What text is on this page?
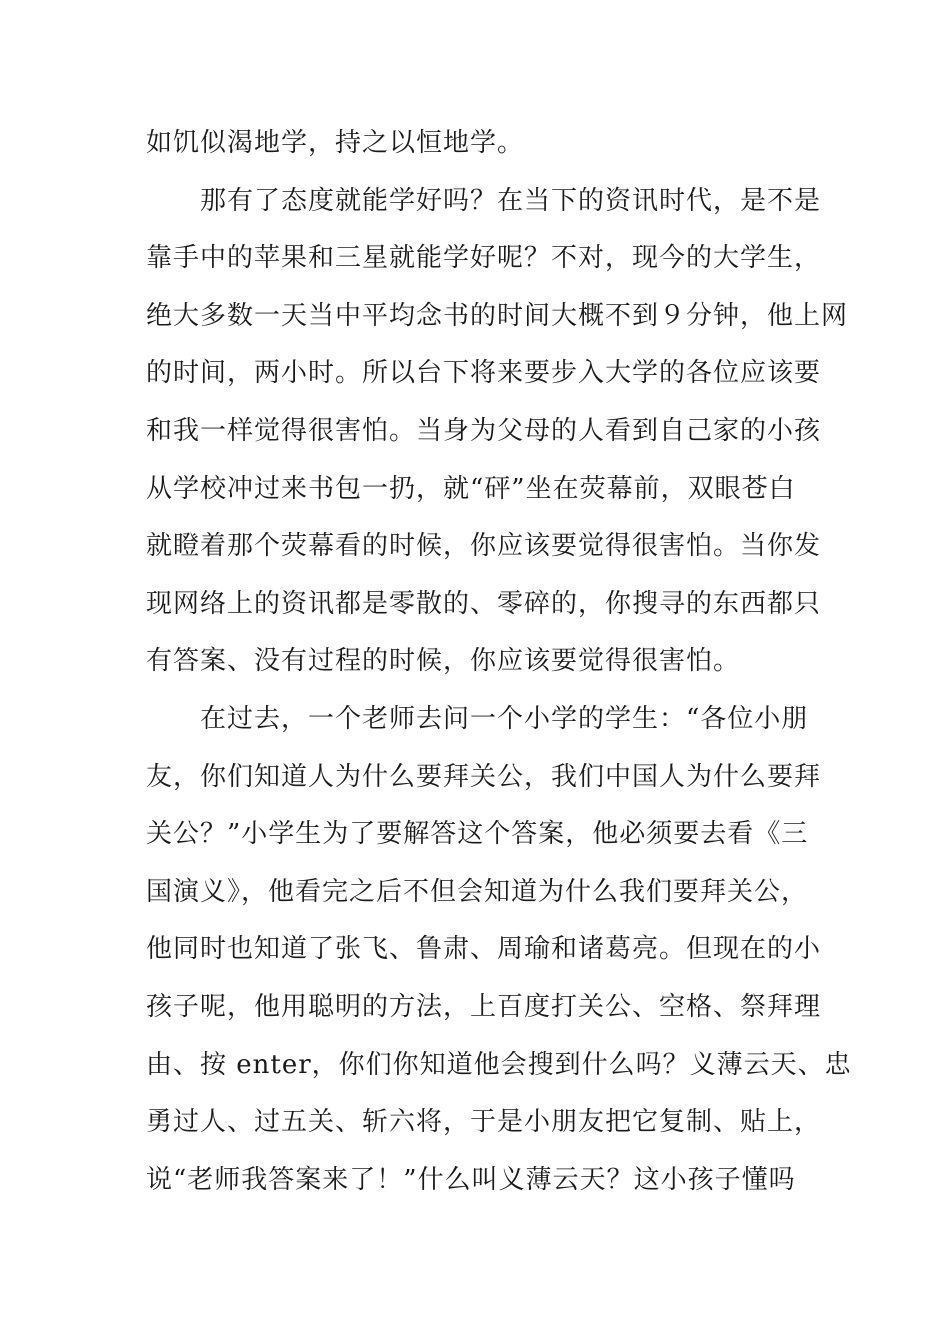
如饥似渴地学，持之以恒地学。
那有了态度就能学好吗？在当下的资讯时代，是不是
靠手中的苹果和三星就能学好呢？不对，现今的大学生，
绝大多数一天当中平均念书的时间大概不到９分钟，他上网
的时间，两小时。所以台下将来要步入大学的各位应该要
和我一样觉得很害怕。当身为父母的人看到自己家的小孩
从学校冲过来书包一扔，就“砰”坐在荧幕前，双眼苍白
就瞪着那个荧幕看的时候，你应该要觉得很害怕。当你发
现网络上的资讯都是零散的、零碎的，你搜寻的东西都只
有答案、没有过程的时候，你应该要觉得很害怕。
在过去，一个老师去问一个小学的学生：“各位小朋
友，你们知道人为什么要拜关公，我们中国人为什么要拜
关公？”小学生为了要解答这个答案，他必须要去看《三
国演义》，他看完之后不但会知道为什么我们要拜关公，
他同时也知道了张飞、鲁肃、周瑜和诸葛亮。但现在的小
孩子呢，他用聪明的方法，上百度打关公、空格、祭拜理
由、按 enter，你们你知道他会搜到什么吗？义薄云天、忠
勇过人、过五关、斩六将，于是小朋友把它复制、贴上，
说“老师我答案来了！”什么叫义薄云天？这小孩子懂吗
